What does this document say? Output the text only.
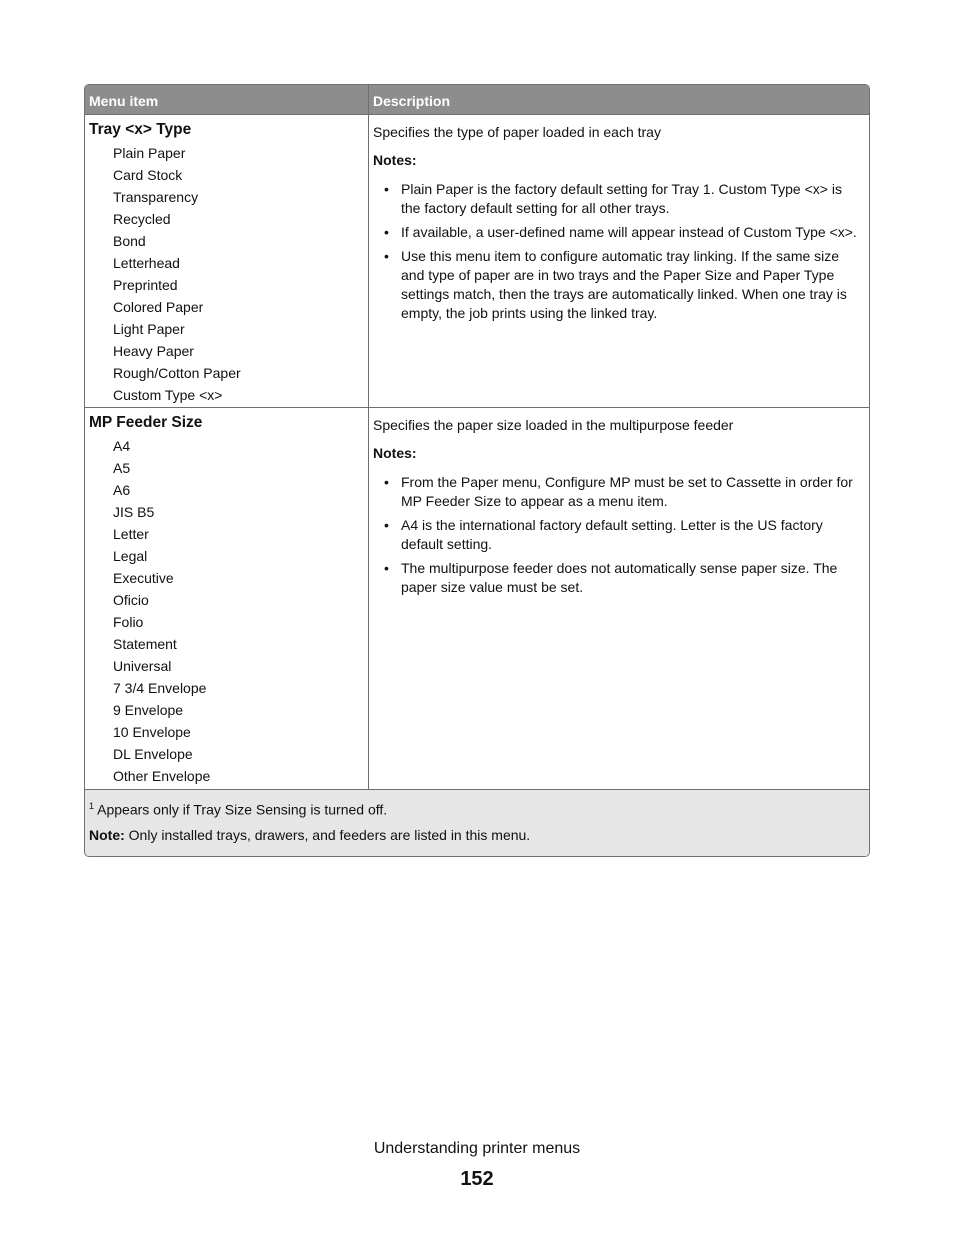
Menu item	Description
Tray <x> Type
Plain Paper
Card Stock
Transparency
Recycled
Bond
Letterhead
Preprinted
Colored Paper
Light Paper
Heavy Paper
Rough/Cotton Paper
Custom Type <x>

Specifies the type of paper loaded in each tray

Notes:

• Plain Paper is the factory default setting for Tray 1. Custom Type <x> is the factory default setting for all other trays.
• If available, a user-defined name will appear instead of Custom Type <x>.
• Use this menu item to configure automatic tray linking. If the same size and type of paper are in two trays and the Paper Size and Paper Type settings match, then the trays are automatically linked. When one tray is empty, the job prints using the linked tray.
MP Feeder Size
A4
A5
A6
JIS B5
Letter
Legal
Executive
Oficio
Folio
Statement
Universal
7 3/4 Envelope
9 Envelope
10 Envelope
DL Envelope
Other Envelope

Specifies the paper size loaded in the multipurpose feeder

Notes:

• From the Paper menu, Configure MP must be set to Cassette in order for MP Feeder Size to appear as a menu item.
• A4 is the international factory default setting. Letter is the US factory default setting.
• The multipurpose feeder does not automatically sense paper size. The paper size value must be set.

$^1$ Appears only if Tray Size Sensing is turned off.

Note: Only installed trays, drawers, and feeders are listed in this menu.

Understanding printer menus
152
